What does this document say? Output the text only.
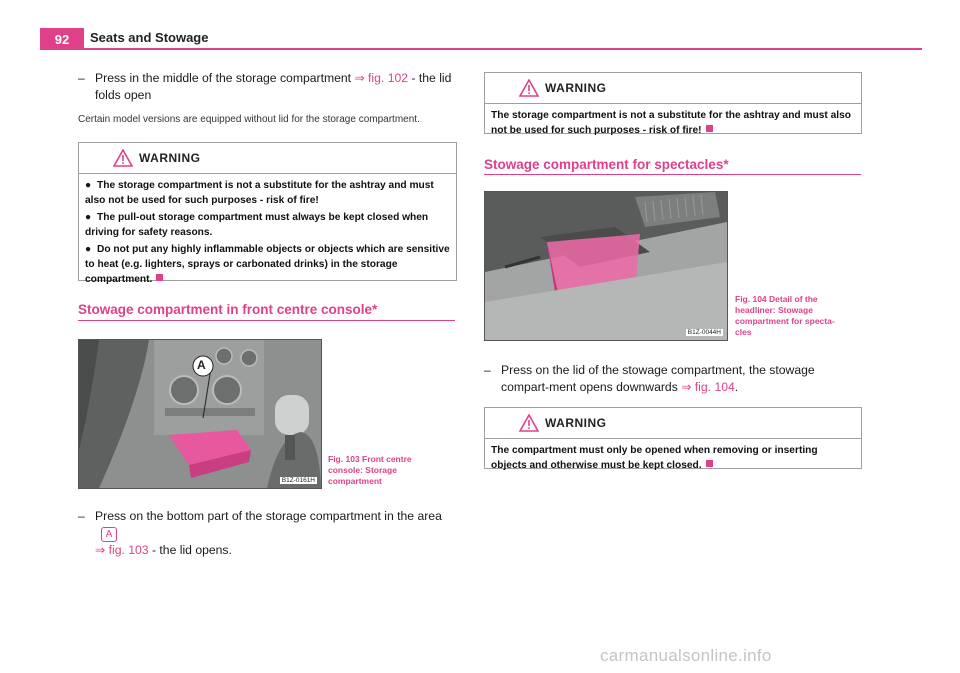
92	Seats and Stowage
– Press in the middle of the storage compartment ⇒ fig. 102 - the lid folds open
Certain model versions are equipped without lid for the storage compartment.
WARNING
● The storage compartment is not a substitute for the ashtray and must also not be used for such purposes - risk of fire!
● The pull-out storage compartment must always be kept closed when driving for safety reasons.
● Do not put any highly inflammable objects or objects which are sensitive to heat (e.g. lighters, sprays or carbonated drinks) in the storage compartment.
Stowage compartment in front centre console*
A
B1Z-0161H
Fig. 103 Front centre console: Storage compartment
– Press on the bottom part of the storage compartment in the areaA
⇒ fig. 103 - the lid opens.
WARNING
The storage compartment is not a substitute for the ashtray and must also not be used for such purposes - risk of fire!
Stowage compartment for spectacles*
B1Z-0044H
Fig. 104 Detail of the headliner: Stowage compartment for specta-cles
– Press on the lid of the stowage compartment, the stowage compart-ment opens downwards ⇒ fig. 104.
WARNING
The compartment must only be opened when removing or inserting objects and otherwise must be kept closed.
carmanualsonline.info
